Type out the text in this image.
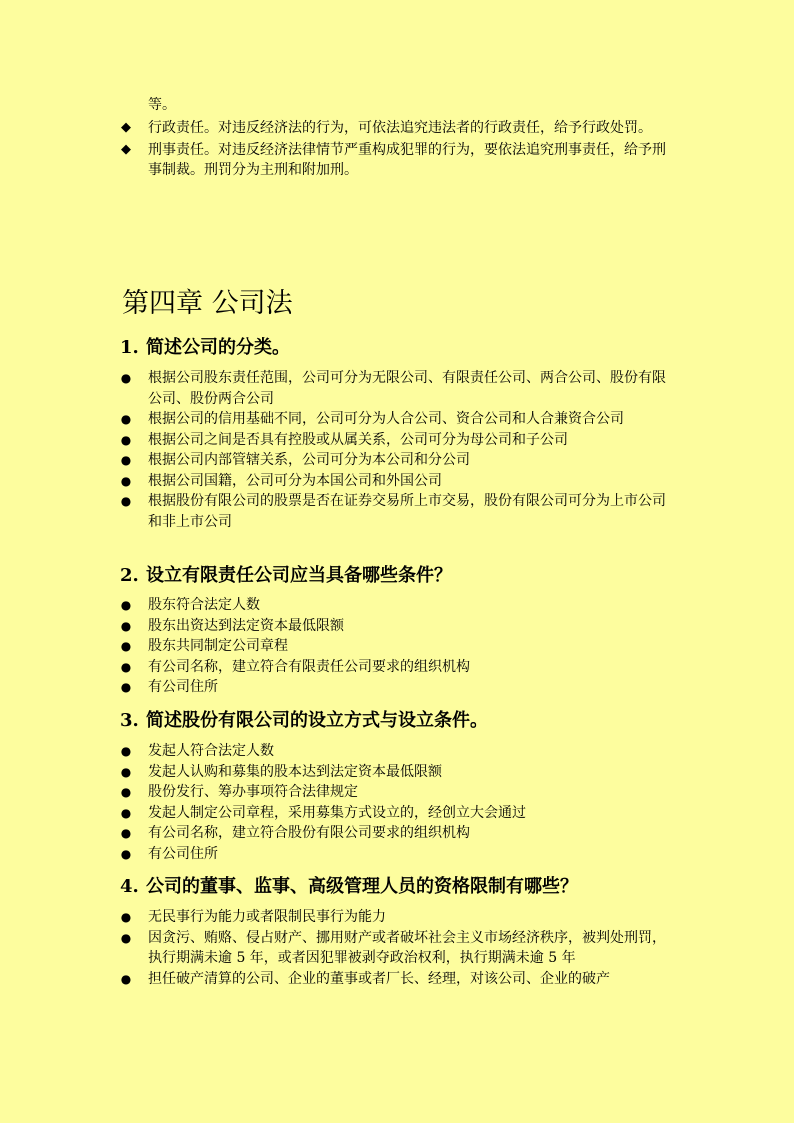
等。
◆ 行政责任。对违反经济法的行为，可依法追究违法者的行政责任，给予行政处罚。
◆ 刑事责任。对违反经济法律情节严重构成犯罪的行为，要依法追究刑事责任，给予刑事制裁。刑罚分为主刑和附加刑。
第四章 公司法
1. 简述公司的分类。
● 根据公司股东责任范围，公司可分为无限公司、有限责任公司、两合公司、股份有限公司、股份两合公司
● 根据公司的信用基础不同，公司可分为人合公司、资合公司和人合兼资合公司
● 根据公司之间是否具有控股或从属关系，公司可分为母公司和子公司
● 根据公司内部管辖关系，公司可分为本公司和分公司
● 根据公司国籍，公司可分为本国公司和外国公司
● 根据股份有限公司的股票是否在证券交易所上市交易，股份有限公司可分为上市公司和非上市公司
2. 设立有限责任公司应当具备哪些条件？
● 股东符合法定人数
● 股东出资达到法定资本最低限额
● 股东共同制定公司章程
● 有公司名称，建立符合有限责任公司要求的组织机构
● 有公司住所
3. 简述股份有限公司的设立方式与设立条件。
● 发起人符合法定人数
● 发起人认购和募集的股本达到法定资本最低限额
● 股份发行、筹办事项符合法律规定
● 发起人制定公司章程，采用募集方式设立的，经创立大会通过
● 有公司名称，建立符合股份有限公司要求的组织机构
● 有公司住所
4. 公司的董事、监事、高级管理人员的资格限制有哪些？
● 无民事行为能力或者限制民事行为能力
● 因贪污、贿赂、侵占财产、挪用财产或者破坏社会主义市场经济秩序，被判处刑罚，执行期满未逾 5 年，或者因犯罪被剥夺政治权利，执行期满未逾 5 年
● 担任破产清算的公司、企业的董事或者厂长、经理，对该公司、企业的破产
